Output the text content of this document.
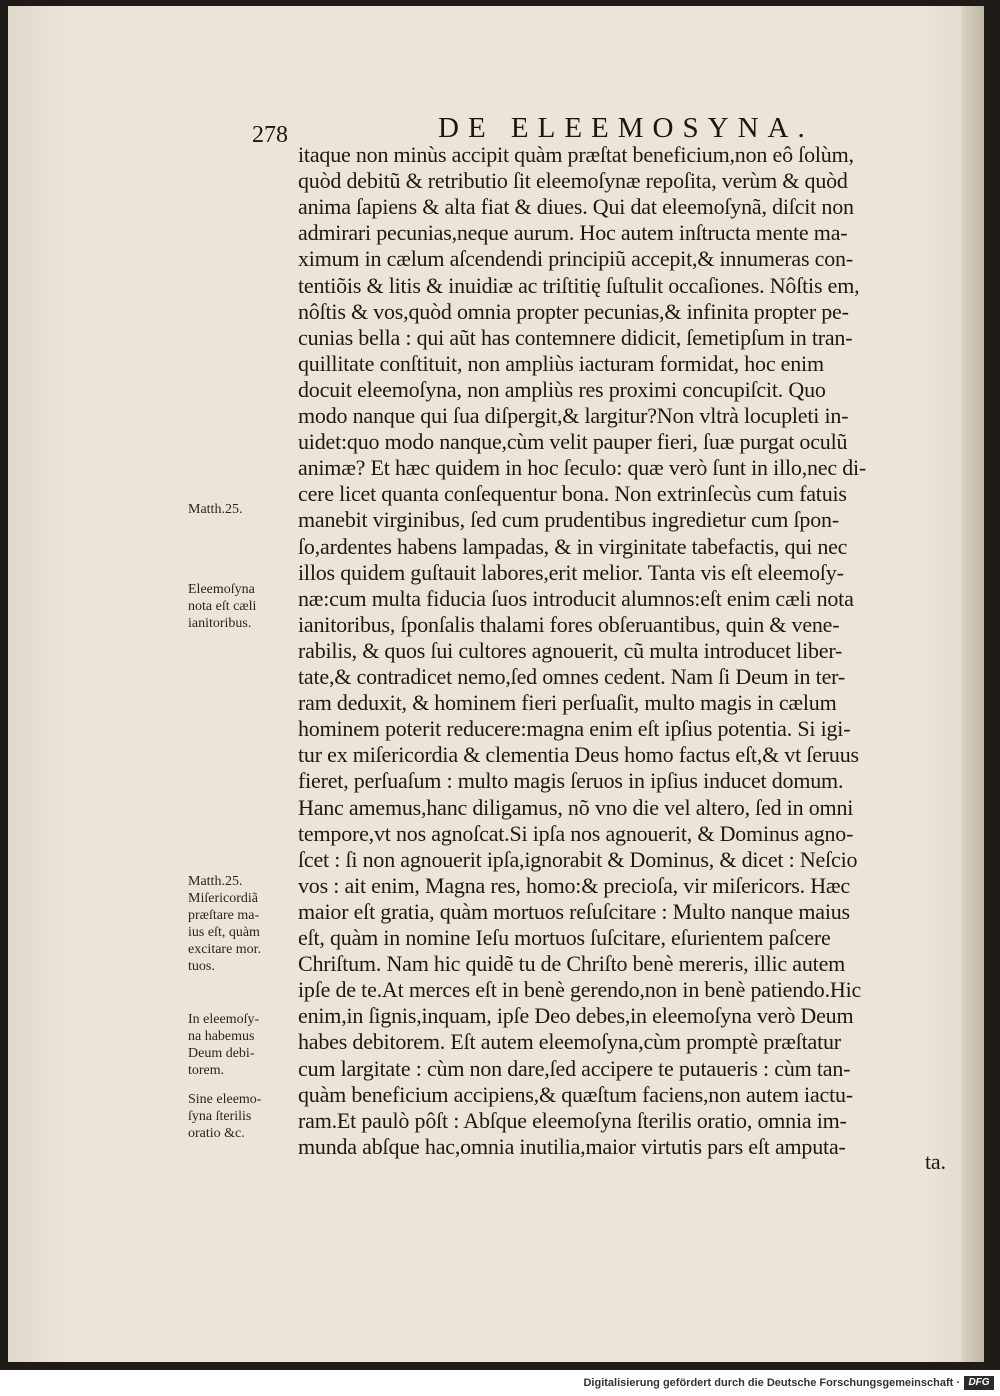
278	DE ELEEMOSYNA.
itaque non minùs accipit quàm præſtat beneficium,non eô ſolùm,
quòd debitũ & retributio ſit eleemoſynæ repoſita, verùm & quòd
anima ſapiens & alta fiat & diues. Qui dat eleemoſynã, diſcit non
admirari pecunias,neque aurum. Hoc autem inſtructa mente ma-
ximum in cælum aſcendendi principiũ accepit,& innumeras con-
tentiõis & litis & inuidiæ ac triſtitię ſuſtulit occaſiones. Nôſtis em,
nôſtis & vos,quòd omnia propter pecunias,& infinita propter pe-
cunias bella : qui aũt has contemnere didicit, ſemetipſum in tran-
quillitate conſtituit, non ampliùs iacturam formidat, hoc enim
docuit eleemoſyna, non ampliùs res proximi concupiſcit. Quo
modo nanque qui ſua diſpergit,& largitur?Non vltrà locupleti in-
uidet:quo modo nanque,cùm velit pauper fieri, ſuæ purgat oculũ
animæ? Et hæc quidem in hoc ſeculo: quæ verò ſunt in illo,nec di-
cere licet quanta conſequentur bona. Non extrinſecùs cum fatuis
manebit virginibus, ſed cum prudentibus ingredietur cum ſpon-
ſo,ardentes habens lampadas, & in virginitate tabefactis, qui nec
illos quidem guſtauit labores,erit melior. Tanta vis eſt eleemoſy-
næ:cum multa fiducia ſuos introducit alumnos:eſt enim cæli nota
ianitoribus, ſponſalis thalami fores obſeruantibus, quin & vene-
rabilis, & quos ſui cultores agnouerit, cũ multa introducet liber-
tate,& contradicet nemo,ſed omnes cedent. Nam ſi Deum in ter-
ram deduxit, & hominem fieri perſuaſit, multo magis in cælum
hominem poterit reducere:magna enim eſt ipſius potentia. Si igi-
tur ex miſericordia & clementia Deus homo factus eſt,& vt ſeruus
fieret, perſuaſum : multo magis ſeruos in ipſius inducet domum.
Hanc amemus,hanc diligamus, nõ vno die vel altero, ſed in omni
tempore,vt nos agnoſcat.Si ipſa nos agnouerit, & Dominus agno-
ſcet : ſi non agnouerit ipſa,ignorabit & Dominus, & dicet : Neſcio
vos : ait enim, Magna res, homo:& precioſa, vir miſericors. Hæc
maior eſt gratia, quàm mortuos reſuſcitare : Multo nanque maius
eſt, quàm in nomine Ieſu mortuos ſuſcitare, eſurientem paſcere
Chriſtum. Nam hic quidẽ tu de Chriſto benè mereris, illic autem
ipſe de te.At merces eſt in benè gerendo,non in benè patiendo.Hic
enim,in ſignis,inquam, ipſe Deo debes,in eleemoſyna verò Deum
habes debitorem. Eſt autem eleemoſyna,cùm promptè præſtatur
cum largitate : cùm non dare,ſed accipere te putaueris : cùm tan-
quàm beneficium accipiens,& quæſtum faciens,non autem iactu-
ram.Et paulò pôſt : Abſque eleemoſyna ſterilis oratio, omnia im-
munda abſque hac,omnia inutilia,maior virtutis pars eſt amputa-
Matth.25.
Eleemoſyna
nota eſt cæli
ianitoribus.
Matth.25.
Miſericordiã
præſtare ma-
ius eſt, quàm
excitare mor.
tuos.
In eleemoſy-
na habemus
Deum debi-
torem.
Sine eleemo-
ſyna ſterilis
oratio &c.
ta.
Digitalisierung gefördert durch die Deutsche Forschungsgemeinschaft · DFG
